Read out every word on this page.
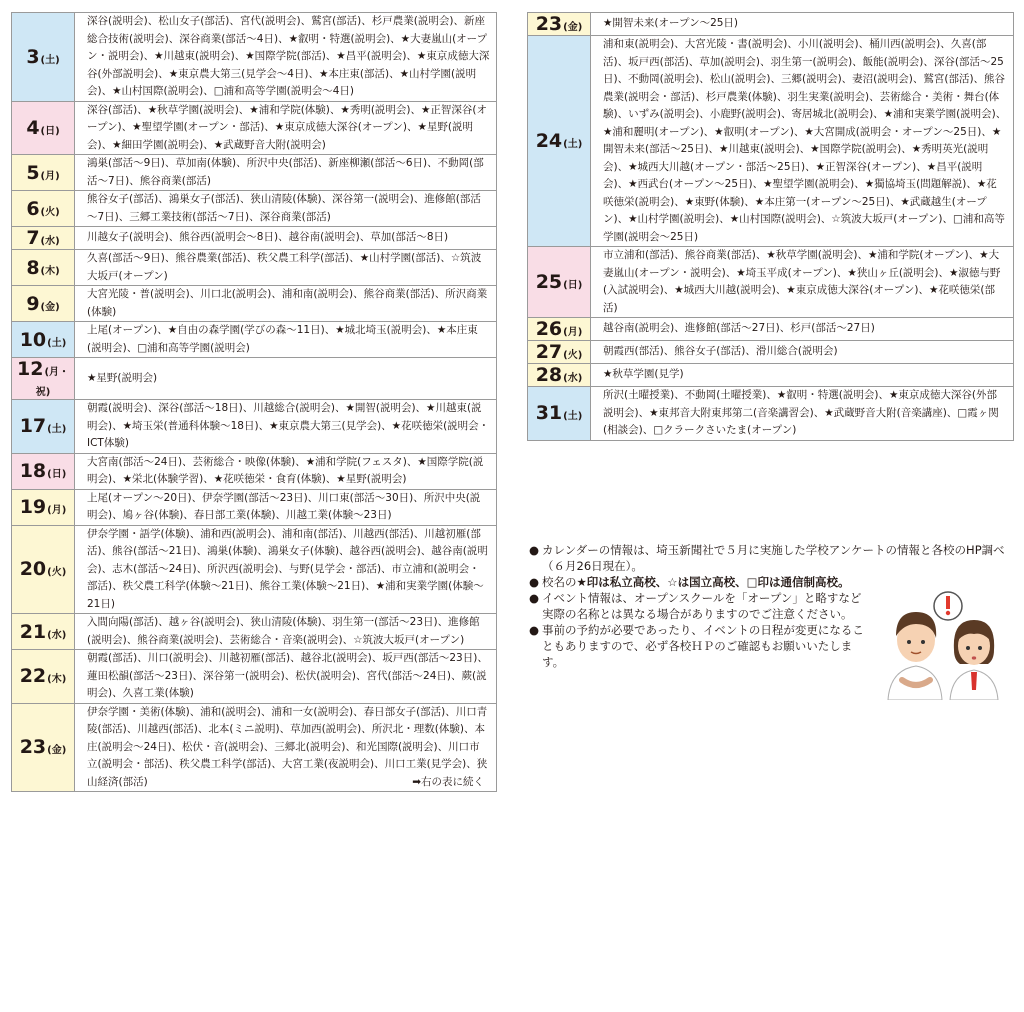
3(土)	深谷(説明会)、松山女子(部活)、宮代(説明会)、鷲宮(部活)、杉戸農業(説明会)、新座総合技術(説明会)、深谷商業(部活～4日)、★叡明・特選(説明会)、★大妻嵐山(オープン・説明会)、★川越東(説明会)、★国際学院(部活)、★昌平(説明会)、★東京成徳大深谷(外部説明会)、★東京農大第三(見学会～4日)、★本庄東(部活)、★山村学園(説明会)、★山村国際(説明会)、□浦和高等学園(説明会～4日)
4(日)	深谷(部活)、★秋草学園(説明会)、★浦和学院(体験)、★秀明(説明会)、★正智深谷(オープン)、★聖望学園(オープン・部活)、★東京成徳大深谷(オープン)、★星野(説明会)、★細田学園(説明会)、★武蔵野音大附(説明会)
5(月)	鴻巣(部活～9日)、草加南(体験)、所沢中央(部活)、新座柳瀬(部活～6日)、不動岡(部活～7日)、熊谷商業(部活)
6(火)	熊谷女子(部活)、鴻巣女子(部活)、狭山清陵(体験)、深谷第一(説明会)、進修館(部活～7日)、三郷工業技術(部活～7日)、深谷商業(部活)
7(水)	川越女子(説明会)、熊谷西(説明会～8日)、越谷南(説明会)、草加(部活～8日)
8(木)	久喜(部活～9日)、熊谷農業(部活)、秩父農工科学(部活)、★山村学園(部活)、☆筑波大坂戸(オープン)
9(金)	大宮光陵・普(説明会)、川口北(説明会)、浦和南(説明会)、熊谷商業(部活)、所沢商業(体験)
10(土)	上尾(オープン)、★自由の森学園(学びの森～11日)、★城北埼玉(説明会)、★本庄東(説明会)、□浦和高等学園(説明会)
12(月・祝)	★星野(説明会)
17(土)	朝霞(説明会)、深谷(部活～18日)、川越総合(説明会)、★開智(説明会)、★川越東(説明会)、★埼玉栄(普通科体験～18日)、★東京農大第三(見学会)、★花咲徳栄(説明会・ICT体験)
18(日)	大宮南(部活～24日)、芸術総合・映像(体験)、★浦和学院(フェスタ)、★国際学院(説明会)、★栄北(体験学習)、★花咲徳栄・食育(体験)、★星野(説明会)
19(月)	上尾(オープン～20日)、伊奈学園(部活～23日)、川口東(部活～30日)、所沢中央(説明会)、鳩ヶ谷(体験)、春日部工業(体験)、川越工業(体験～23日)
20(火)	伊奈学園・語学(体験)、浦和西(説明会)、浦和南(部活)、川越西(部活)、川越初雁(部活)、熊谷(部活～21日)、鴻巣(体験)、鴻巣女子(体験)、越谷西(説明会)、越谷南(説明会)、志木(部活～24日)、所沢西(説明会)、与野(見学会・部活)、市立浦和(説明会・部活)、秩父農工科学(体験～21日)、熊谷工業(体験～21日)、★浦和実業学園(体験～21日)
21(水)	入間向陽(部活)、越ヶ谷(説明会)、狭山清陵(体験)、羽生第一(部活～23日)、進修館(説明会)、熊谷商業(説明会)、芸術総合・音楽(説明会)、☆筑波大坂戸(オープン)
22(木)	朝霞(部活)、川口(説明会)、川越初雁(部活)、越谷北(説明会)、坂戸西(部活～23日)、蓮田松韻(部活～23日)、深谷第一(説明会)、松伏(説明会)、宮代(部活～24日)、蕨(説明会)、久喜工業(体験)
23(金)	伊奈学園・美術(体験)、浦和(説明会)、浦和一女(説明会)、春日部女子(部活)、川口青陵(部活)、川越西(部活)、北本(ミニ説明)、草加西(説明会)、所沢北・理数(体験)、本庄(説明会～24日)、松伏・音(説明会)、三郷北(説明会)、和光国際(説明会)、川口市立(説明会・部活)、秩父農工科学(部活)、大宮工業(夜説明会)、川口工業(見学会)、狭山経済(部活) ➡右の表に続く
23(金)	★開智未来(オープン～25日)
24(土)	浦和東(説明会)、大宮光陵・書(説明会)、小川(説明会)、桶川西(説明会)、久喜(部活)、坂戸西(部活)、草加(説明会)、羽生第一(説明会)、飯能(説明会)、深谷(部活～25日)、不動岡(説明会)、松山(説明会)、三郷(説明会)、妻沼(説明会)、鷲宮(部活)、熊谷農業(説明会・部活)、杉戸農業(体験)、羽生実業(説明会)、芸術総合・美術・舞台(体験)、いずみ(説明会)、小鹿野(説明会)、寄居城北(説明会)、★浦和実業学園(説明会)、★浦和麗明(オープン)、★叡明(オープン)、★大宮開成(説明会・オープン～25日)、★開智未来(部活～25日)、★川越東(説明会)、★国際学院(説明会)、★秀明英光(説明会)、★城西大川越(オープン・部活～25日)、★正智深谷(オープン)、★昌平(説明会)、★西武台(オープン～25日)、★聖望学園(説明会)、★獨協埼玉(問題解説)、★花咲徳栄(説明会)、★東野(体験)、★本庄第一(オープン～25日)、★武蔵越生(オープン)、★山村学園(説明会)、★山村国際(説明会)、☆筑波大坂戸(オープン)、□浦和高等学園(説明会～25日)
25(日)	市立浦和(部活)、熊谷商業(部活)、★秋草学園(説明会)、★浦和学院(オープン)、★大妻嵐山(オープン・説明会)、★埼玉平成(オープン)、★狭山ヶ丘(説明会)、★淑徳与野(入試説明会)、★城西大川越(説明会)、★東京成徳大深谷(オープン)、★花咲徳栄(部活)
26(月)	越谷南(説明会)、進修館(部活～27日)、杉戸(部活～27日)
27(火)	朝霞西(部活)、熊谷女子(部活)、滑川総合(説明会)
28(水)	★秋草学園(見学)
31(土)	所沢(土曜授業)、不動岡(土曜授業)、★叡明・特選(説明会)、★東京成徳大深谷(外部説明会)、★東邦音大附東邦第二(音楽講習会)、★武蔵野音大附(音楽講座)、□霞ヶ関(相談会)、□クラークさいたま(オープン)
● カレンダーの情報は、埼玉新聞社で５月に実施した学校アンケートの情報と各校のHP調べ（６月26日現在）。
● 校名の★印は私立高校、☆は国立高校、□印は通信制高校。
● イベント情報は、オープンスクールを「オープン」と略すなど実際の名称とは異なる場合がありますのでご注意ください。
● 事前の予約が必要であったり、イベントの日程が変更になることもありますので、必ず各校ＨＰのご確認もお願いいたします。
